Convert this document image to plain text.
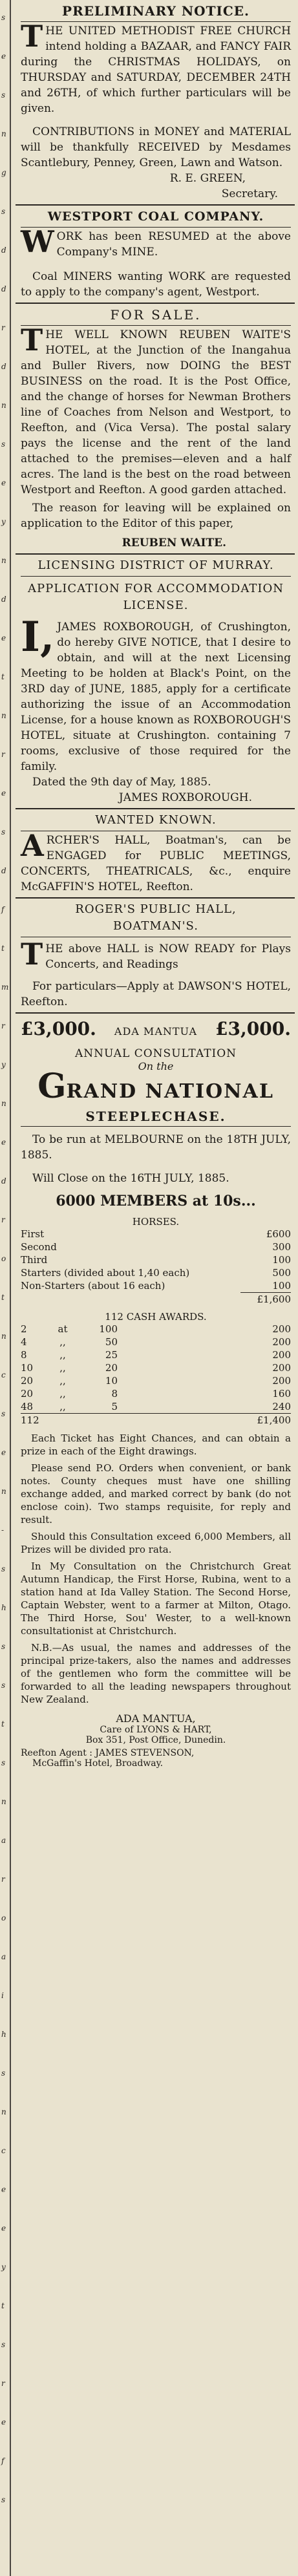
s
e
s
n
g
s
d
d
r
d
n
s
e
y
n
d
e
t
n
r
e
s
d
f
t
m
r
y
n
e
d
r
o
t
n
c
s
e
n
-
s
h
s
s
t
s
n
a
r
o
a
i
h
s
n
c
e
e
y
t
s
r
e
f
s
PRELIMINARY NOTICE.
THE UNITED METHODIST FREE CHURCH intend holding a BAZAAR, and FANCY FAIR during the CHRISTMAS HOLIDAYS, on THURSDAY and SATURDAY, DECEMBER 24TH and 26TH, of which further particulars will be given.
CONTRIBUTIONS in MONEY and MATERIAL will be thankfully RECEIVED by Mesdames Scantlebury, Penney, Green, Lawn and Watson.
R. E. GREEN,
Secretary.
WESTPORT COAL COMPANY.
WORK has been RESUMED at the above Company's MINE.
Coal MINERS wanting WORK are requested to apply to the company's agent, Westport.
FOR SALE.
THE WELL KNOWN REUBEN WAITE'S HOTEL, at the Junction of the Inangahua and Buller Rivers, now DOING the BEST BUSINESS on the road. It is the Post Office, and the change of horses for Newman Brothers line of Coaches from Nelson and Westport, to Reefton, and (Vica Versa). The postal salary pays the license and the rent of the land attached to the premises—eleven and a half acres. The land is the best on the road between Westport and Reefton. A good garden attached.
The reason for leaving will be explained on application to the Editor of this paper,
REUBEN WAITE.
LICENSING DISTRICT OF MURRAY.
APPLICATION FOR ACCOMMODATION LICENSE.
I, JAMES ROXBOROUGH, of Crushington, do hereby GIVE NOTICE, that I desire to obtain, and will at the next Licensing Meeting to be holden at Black's Point, on the 3RD day of JUNE, 1885, apply for a certificate authorizing the issue of an Accommodation License, for a house known as ROXBOROUGH'S HOTEL, situate at Crushington. containing 7 rooms, exclusive of those required for the family.
Dated the 9th day of May, 1885.
JAMES ROXBOROUGH.
WANTED KNOWN.
ARCHER'S HALL, Boatman's, can be ENGAGED for PUBLIC MEETINGS, CONCERTS, THEATRICALS, &c., enquire McGAFFIN'S HOTEL, Reefton.
ROGER'S PUBLIC HALL,
BOATMAN'S.
THE above HALL is NOW READY for Plays Concerts, and Readings
For particulars—Apply at DAWSON'S HOTEL, Reefton.
£3,000. ADA MANTUA £3,000.
ANNUAL CONSULTATION
On the
GRAND NATIONAL
STEEPLECHASE.
To be run at MELBOURNE on the 18TH JULY, 1885.
Will Close on the 16TH JULY, 1885.
6000 MEMBERS at 10s...
HORSES.
First	£600
Second	300
Third	100
Starters (divided about 1,40 each)	500
Non-Starters (about 16 each)	100
£1,600
112 CASH AWARDS.
2	at	100	200
4	,,	50	200
8	,,	25	200
10	,,	20	200
20	,,	10	200
20	,,	8	160
48	,,	5	240
112	£1,400
Each Ticket has Eight Chances, and can obtain a prize in each of the Eight drawings.
Please send P.O. Orders when convenient, or bank notes. County cheques must have one shilling exchange added, and marked correct by bank (do not enclose coin). Two stamps requisite, for reply and result.
Should this Consultation exceed 6,000 Members, all Prizes will be divided pro rata.
In My Consultation on the Christchurch Great Autumn Handicap, the First Horse, Rubina, went to a station hand at Ida Valley Station. The Second Horse, Captain Webster, went to a farmer at Milton, Otago. The Third Horse, Sou' Wester, to a well-known consultationist at Christchurch.
N.B.—As usual, the names and addresses of the principal prize-takers, also the names and addresses of the gentlemen who form the committee will be forwarded to all the leading newspapers throughout New Zealand.
ADA MANTUA,
Care of LYONS & HART,
Box 351, Post Office, Dunedin.
Reefton Agent : JAMES STEVENSON,
McGaffin's Hotel, Broadway.
